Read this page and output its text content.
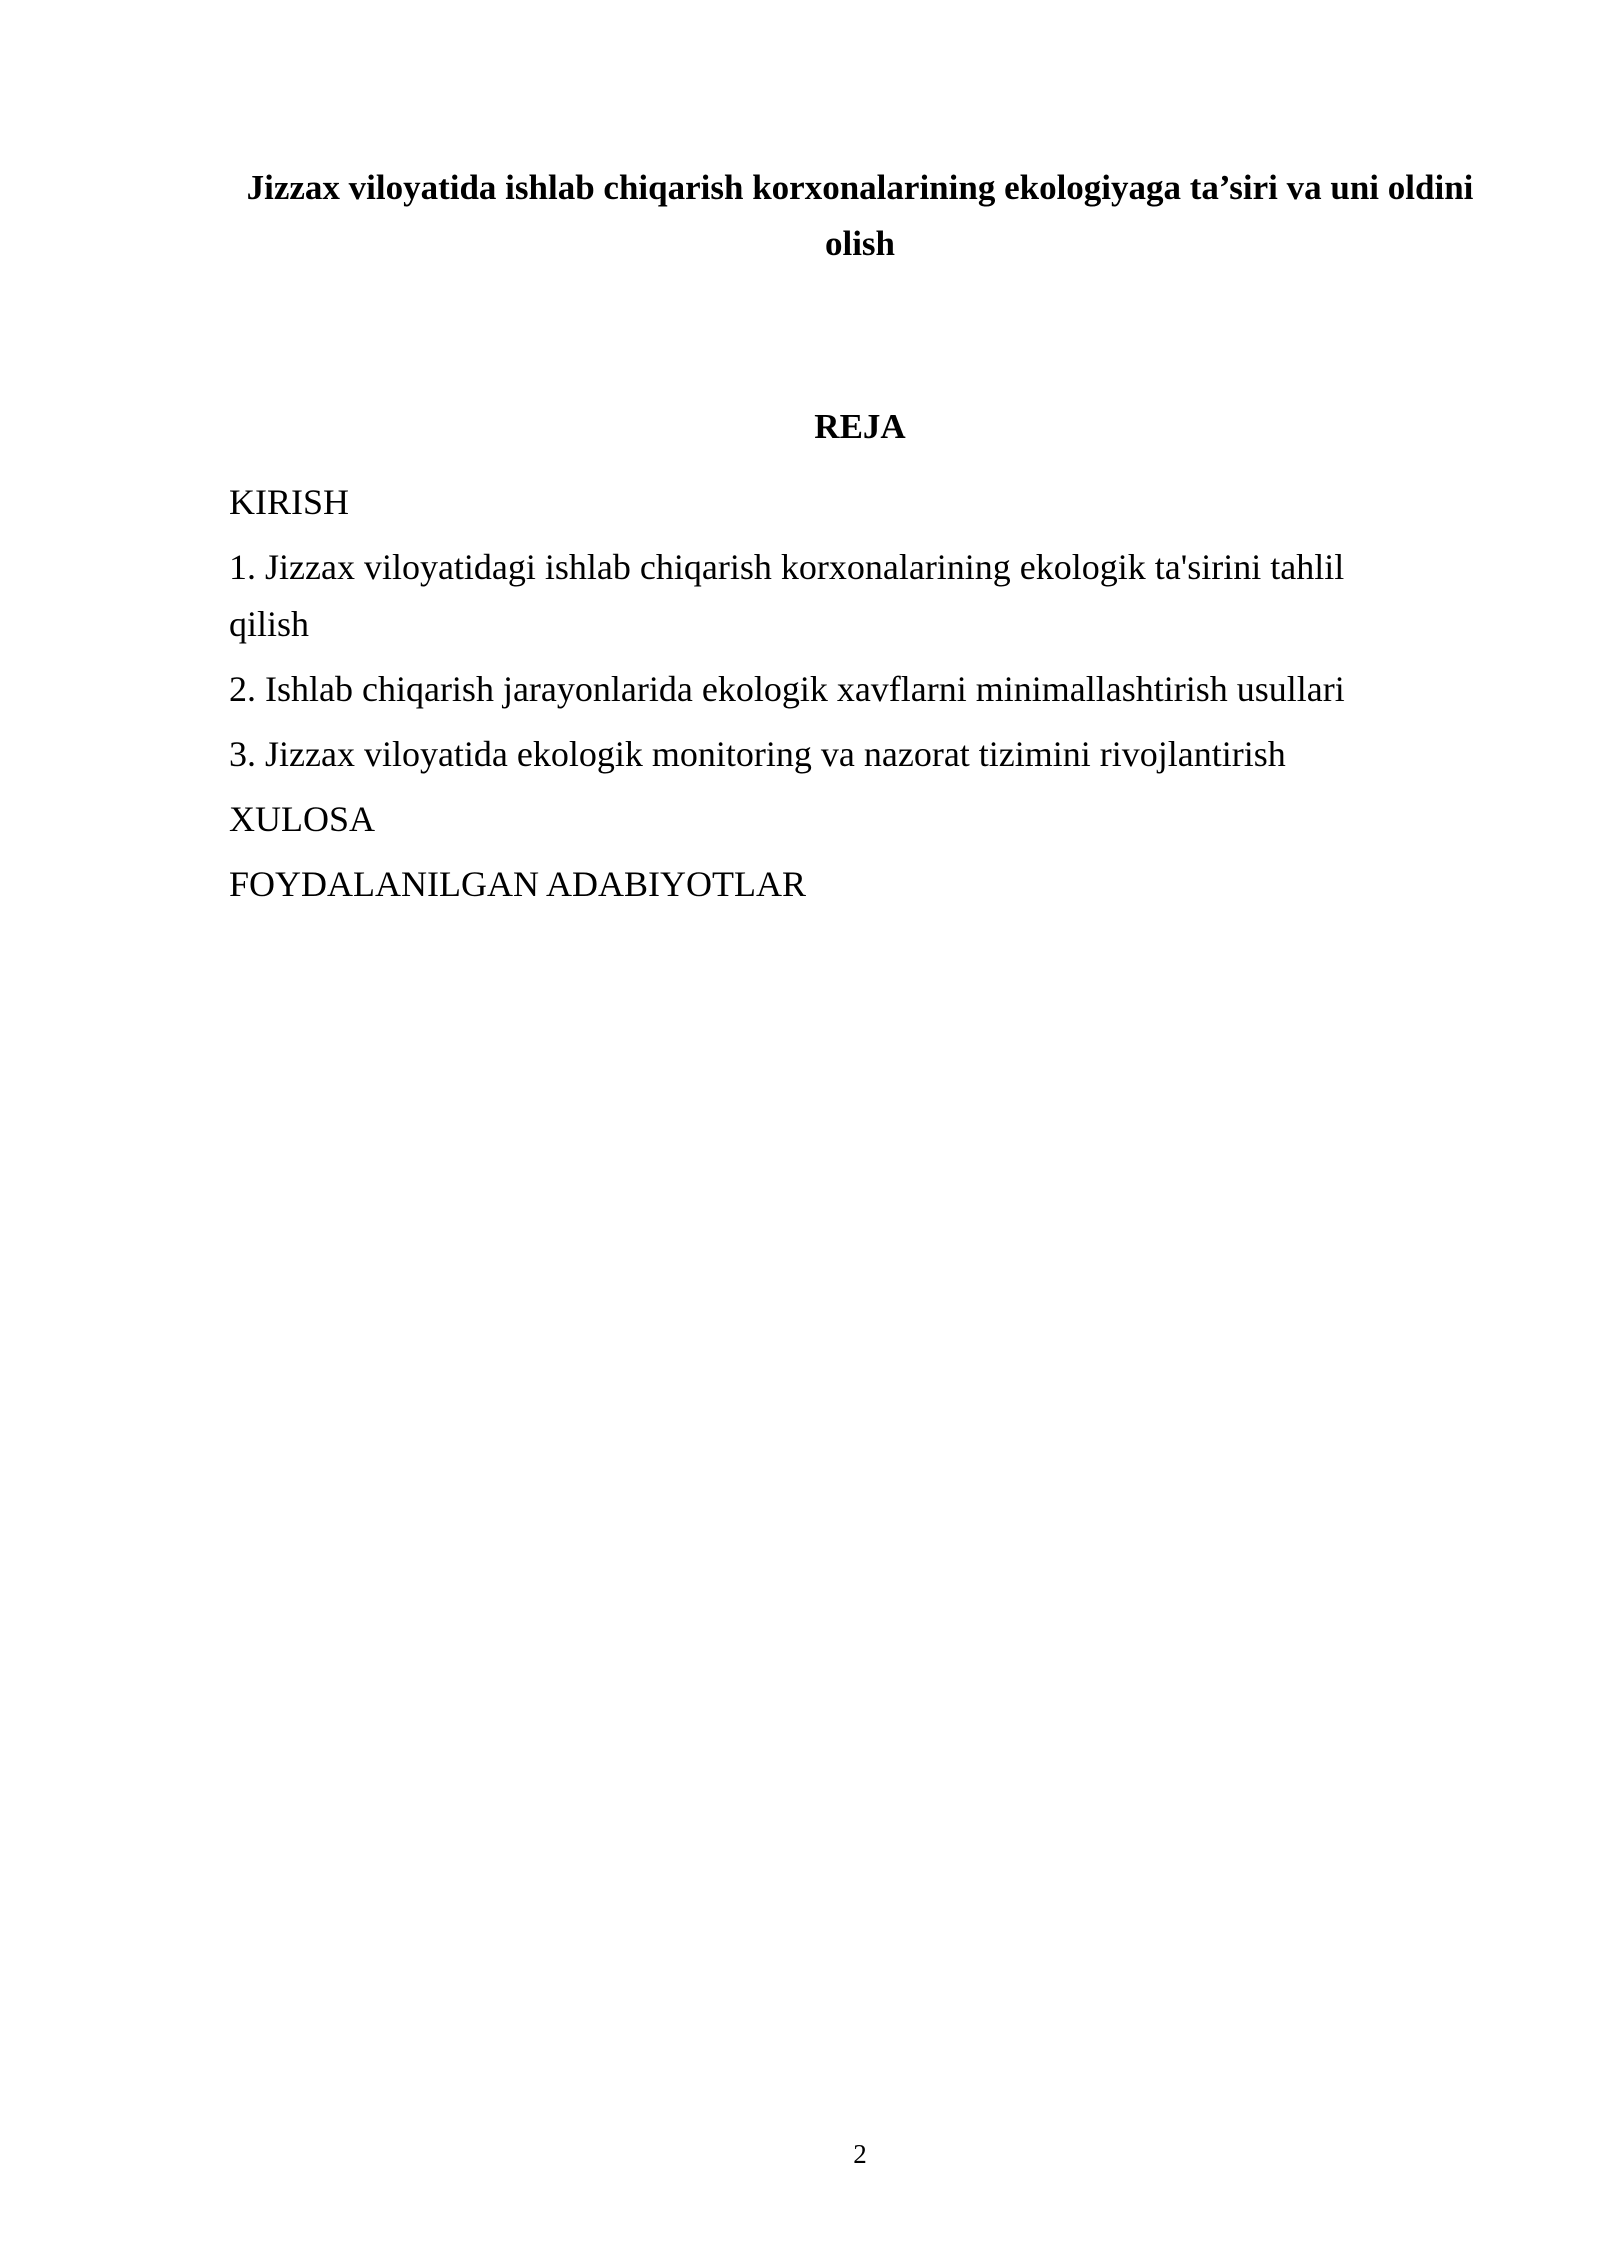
Jizzax viloyatida ishlab chiqarish korxonalarining ekologiyaga ta’siri va uni oldini olish
REJA
KIRISH
1. Jizzax viloyatidagi ishlab chiqarish korxonalarining ekologik ta'sirini tahlil qilish
2. Ishlab chiqarish jarayonlarida ekologik xavflarni minimallashtirish usullari
3. Jizzax viloyatida ekologik monitoring va nazorat tizimini rivojlantirish
XULOSA
FOYDALANILGAN ADABIYOTLAR
2
